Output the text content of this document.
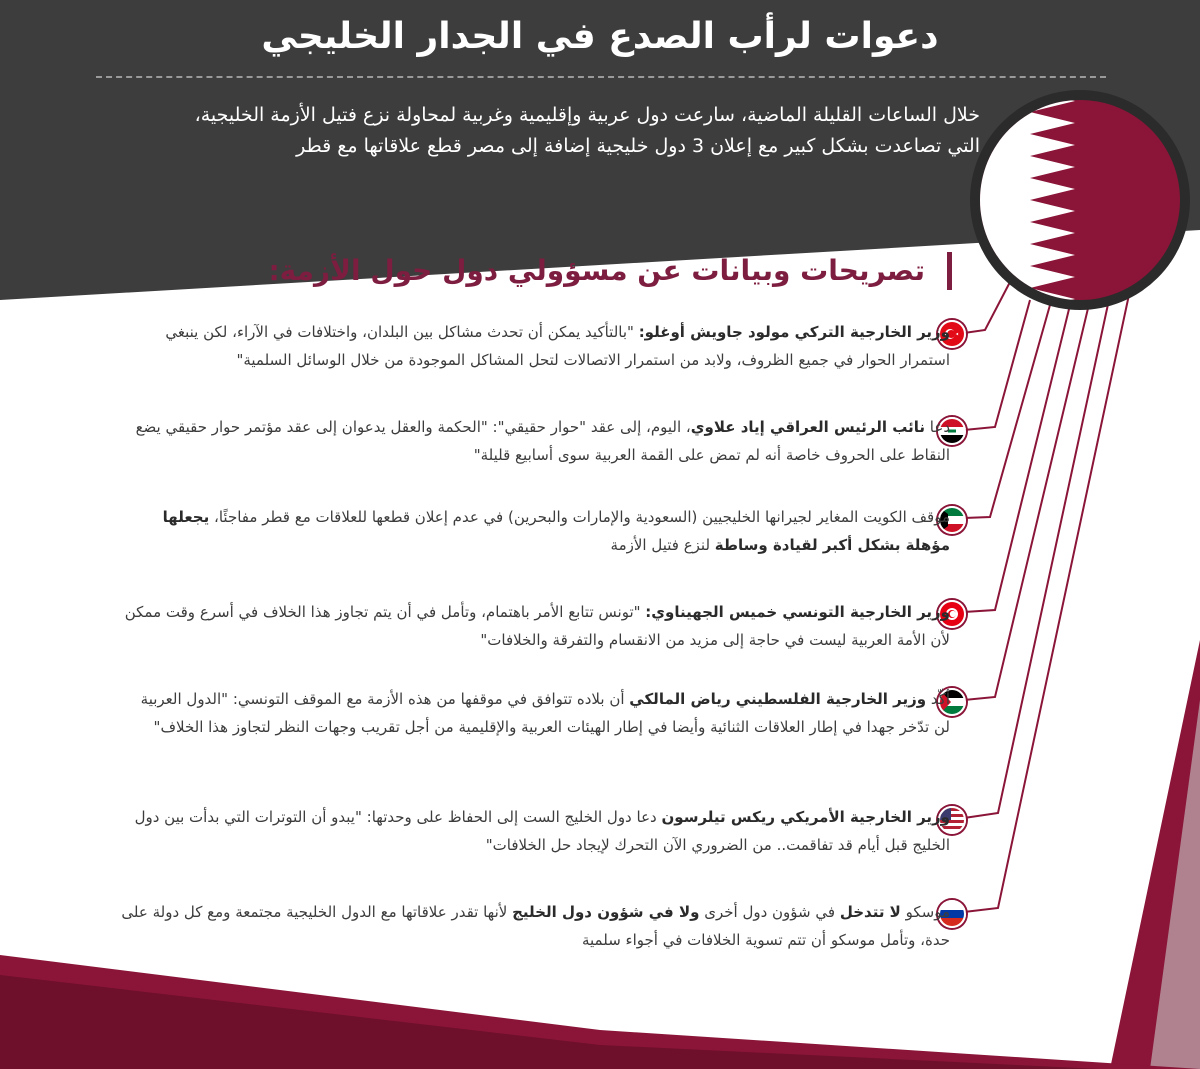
دعوات لرأب الصدع في الجدار الخليجي

خلال الساعات القليلة الماضية، سارعت دول عربية وإقليمية وغربية لمحاولة نزع فتيل الأزمة الخليجية،
التي تصاعدت بشكل كبير مع إعلان 3 دول خليجية إضافة إلى مصر قطع علاقاتها مع قطر

تصريحات وبيانات عن مسؤولي دول حول الأزمة:
وزير الخارجية التركي مولود جاويش أوغلو: "بالتأكيد يمكن أن تحدث مشاكل بين البلدان، واختلافات في الآراء، لكن ينبغي استمرار الحوار في جميع الظروف، ولابد من استمرار الاتصالات لتحل المشاكل الموجودة من خلال الوسائل السلمية"
دعا نائب الرئيس العراقي إياد علاوي، اليوم، إلى عقد "حوار حقيقي": "الحكمة والعقل يدعوان إلى عقد مؤتمر حوار حقيقي يضع النقاط على الحروف خاصة أنه لم تمض على القمة العربية سوى أسابيع قليلة"
موقف الكويت المغاير لجيرانها الخليجيين (السعودية والإمارات والبحرين) في عدم إعلان قطعها للعلاقات مع قطر مفاجئًا، يجعلها مؤهلة بشكل أكبر لقيادة وساطة لنزع فتيل الأزمة
وزير الخارجية التونسي خميس الجهيناوي: "تونس تتابع الأمر باهتمام، وتأمل في أن يتم تجاوز هذا الخلاف في أسرع وقت ممكن لأن الأمة العربية ليست في حاجة إلى مزيد من الانقسام والتفرقة والخلافات"
أكّد وزير الخارجية الفلسطيني رياض المالكي أن بلاده تتوافق في موقفها من هذه الأزمة مع الموقف التونسي: "الدول العربية لن تدّخر جهدا في إطار العلاقات الثنائية وأيضا في إطار الهيئات العربية والإقليمية من أجل تقريب وجهات النظر لتجاوز هذا الخلاف"
وزير الخارجية الأمريكي ريكس تيلرسون دعا دول الخليج الست إلى الحفاظ على وحدتها: "يبدو أن التوترات التي بدأت بين دول الخليج قبل أيام قد تفاقمت.. من الضروري الآن التحرك لإيجاد حل الخلافات"
موسكو لا تتدخل في شؤون دول أخرى ولا في شؤون دول الخليج لأنها تقدر علاقاتها مع الدول الخليجية مجتمعة ومع كل دولة على حدة، وتأمل موسكو أن تتم تسوية الخلافات في أجواء سلمية
